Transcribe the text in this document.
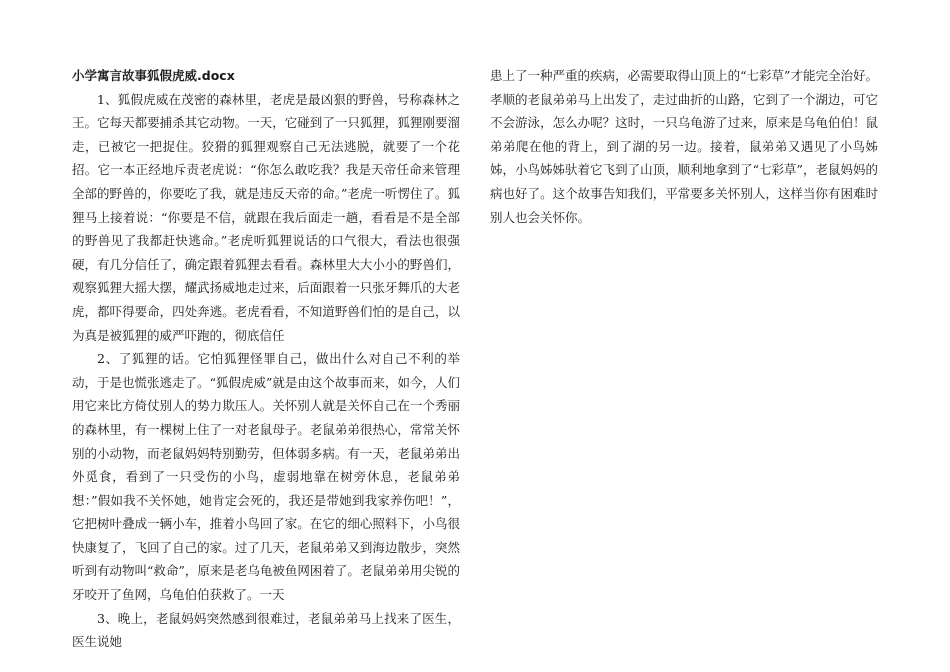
小学寓言故事狐假虎威.docx

1、狐假虎威在茂密的森林里，老虎是最凶狠的野兽，号称森林之王。它每天都要捕杀其它动物。一天，它碰到了一只狐狸，狐狸刚要溜走，已被它一把捉住。狡猾的狐狸观察自己无法逃脱，就要了一个花招。它一本正经地斥责老虎说：“你怎么敢吃我？我是天帝任命来管理全部的野兽的，你要吃了我，就是违反天帝的命。”老虎一听愣住了。狐狸马上接着说：“你要是不信，就跟在我后面走一趟，看看是不是全部的野兽见了我都赶快逃命。”老虎听狐狸说话的口气很大，看法也很强硬，有几分信任了，确定跟着狐狸去看看。森林里大大小小的野兽们，观察狐狸大摇大摆，耀武扬威地走过来，后面跟着一只张牙舞爪的大老虎，都吓得要命，四处奔逃。老虎看看，不知道野兽们怕的是自己，以为真是被狐狸的威严吓跑的，彻底信任

2、了狐狸的话。它怕狐狸怪罪自己，做出什么对自己不利的举动，于是也慌张逃走了。“狐假虎威”就是由这个故事而来，如今，人们用它来比方倚仗别人的势力欺压人。关怀别人就是关怀自己在一个秀丽的森林里，有一棵树上住了一对老鼠母子。老鼠弟弟很热心，常常关怀别的小动物，而老鼠妈妈特别勤劳，但体弱多病。有一天，老鼠弟弟出外觅食，看到了一只受伤的小鸟，虚弱地靠在树旁休息，老鼠弟弟想：”假如我不关怀她，她肯定会死的，我还是带她到我家养伤吧！”，它把树叶叠成一辆小车，推着小鸟回了家。在它的细心照料下，小鸟很快康复了，飞回了自己的家。过了几天，老鼠弟弟又到海边散步，突然听到有动物叫“救命”，原来是老乌龟被鱼网困着了。老鼠弟弟用尖锐的牙咬开了鱼网，乌龟伯伯获救了。一天

3、晚上，老鼠妈妈突然感到很难过，老鼠弟弟马上找来了医生，医生说她

患上了一种严重的疾病，必需要取得山顶上的“七彩草”才能完全治好。孝顺的老鼠弟弟马上出发了，走过曲折的山路，它到了一个湖边，可它不会游泳，怎么办呢？这时，一只乌龟游了过来，原来是乌龟伯伯！鼠弟弟爬在他的背上，到了湖的另一边。接着，鼠弟弟又遇见了小鸟姊姊，小鸟姊姊驮着它飞到了山顶，顺利地拿到了“七彩草”，老鼠妈妈的病也好了。这个故事告知我们，平常要多关怀别人，这样当你有困难时别人也会关怀你。
